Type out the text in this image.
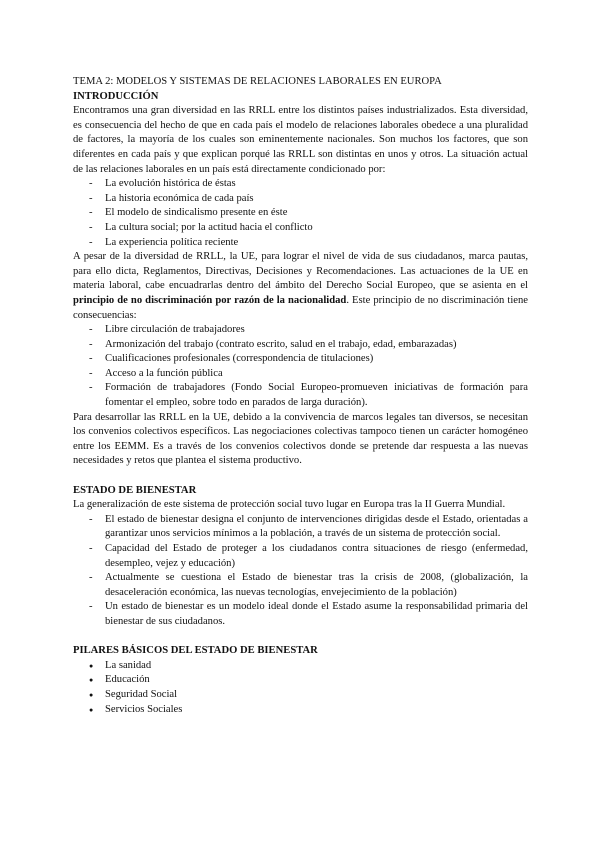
TEMA 2: MODELOS Y SISTEMAS DE RELACIONES LABORALES EN EUROPA
INTRODUCCIÓN

Encontramos una gran diversidad en las RRLL entre los distintos países industrializados. Esta diversidad, es consecuencia del hecho de que en cada país el modelo de relaciones laborales obedece a una pluralidad de factores, la mayoría de los cuales son eminentemente nacionales. Son muchos los factores, que son diferentes en cada país y que explican porqué las RRLL son distintas en unos y otros. La situación actual de las relaciones laborales en un país está directamente condicionado por:

- La evolución histórica de éstas
- La historia económica de cada país
- El modelo de sindicalismo presente en éste
- La cultura social; por la actitud hacia el conflicto
- La experiencia política reciente

A pesar de la diversidad de RRLL, la UE, para lograr el nivel de vida de sus ciudadanos, marca pautas, para ello dicta, Reglamentos, Directivas, Decisiones y Recomendaciones. Las actuaciones de la UE en materia laboral, cabe encuadrarlas dentro del ámbito del Derecho Social Europeo, que se asienta en el principio de no discriminación por razón de la nacionalidad. Este principio de no discriminación tiene consecuencias:

- Libre circulación de trabajadores
- Armonización del trabajo (contrato escrito, salud en el trabajo, edad, embarazadas)
- Cualificaciones profesionales (correspondencia de titulaciones)
- Acceso a la función pública
- Formación de trabajadores (Fondo Social Europeo-promueven iniciativas de formación para fomentar el empleo, sobre todo en parados de larga duración).

Para desarrollar las RRLL en la UE, debido a la convivencia de marcos legales tan diversos, se necesitan los convenios colectivos específicos. Las negociaciones colectivas tampoco tienen un carácter homogéneo entre los EEMM. Es a través de los convenios colectivos donde se pretende dar respuesta a las nuevas necesidades y retos que plantea el sistema productivo.

ESTADO DE BIENESTAR

La generalización de este sistema de protección social tuvo lugar en Europa tras la II Guerra Mundial.

- El estado de bienestar designa el conjunto de intervenciones dirigidas desde el Estado, orientadas a garantizar unos servicios mínimos a la población, a través de un sistema de protección social.
- Capacidad del Estado de proteger a los ciudadanos contra situaciones de riesgo (enfermedad, desempleo, vejez y educación)
- Actualmente se cuestiona el Estado de bienestar tras la crisis de 2008, (globalización, la desaceleración económica, las nuevas tecnologías, envejecimiento de la población)
- Un estado de bienestar es un modelo ideal donde el Estado asume la responsabilidad primaria del bienestar de sus ciudadanos.
PILARES BÁSICOS DEL ESTADO DE BIENESTAR
● La sanidad
● Educación
● Seguridad Social
● Servicios Sociales
